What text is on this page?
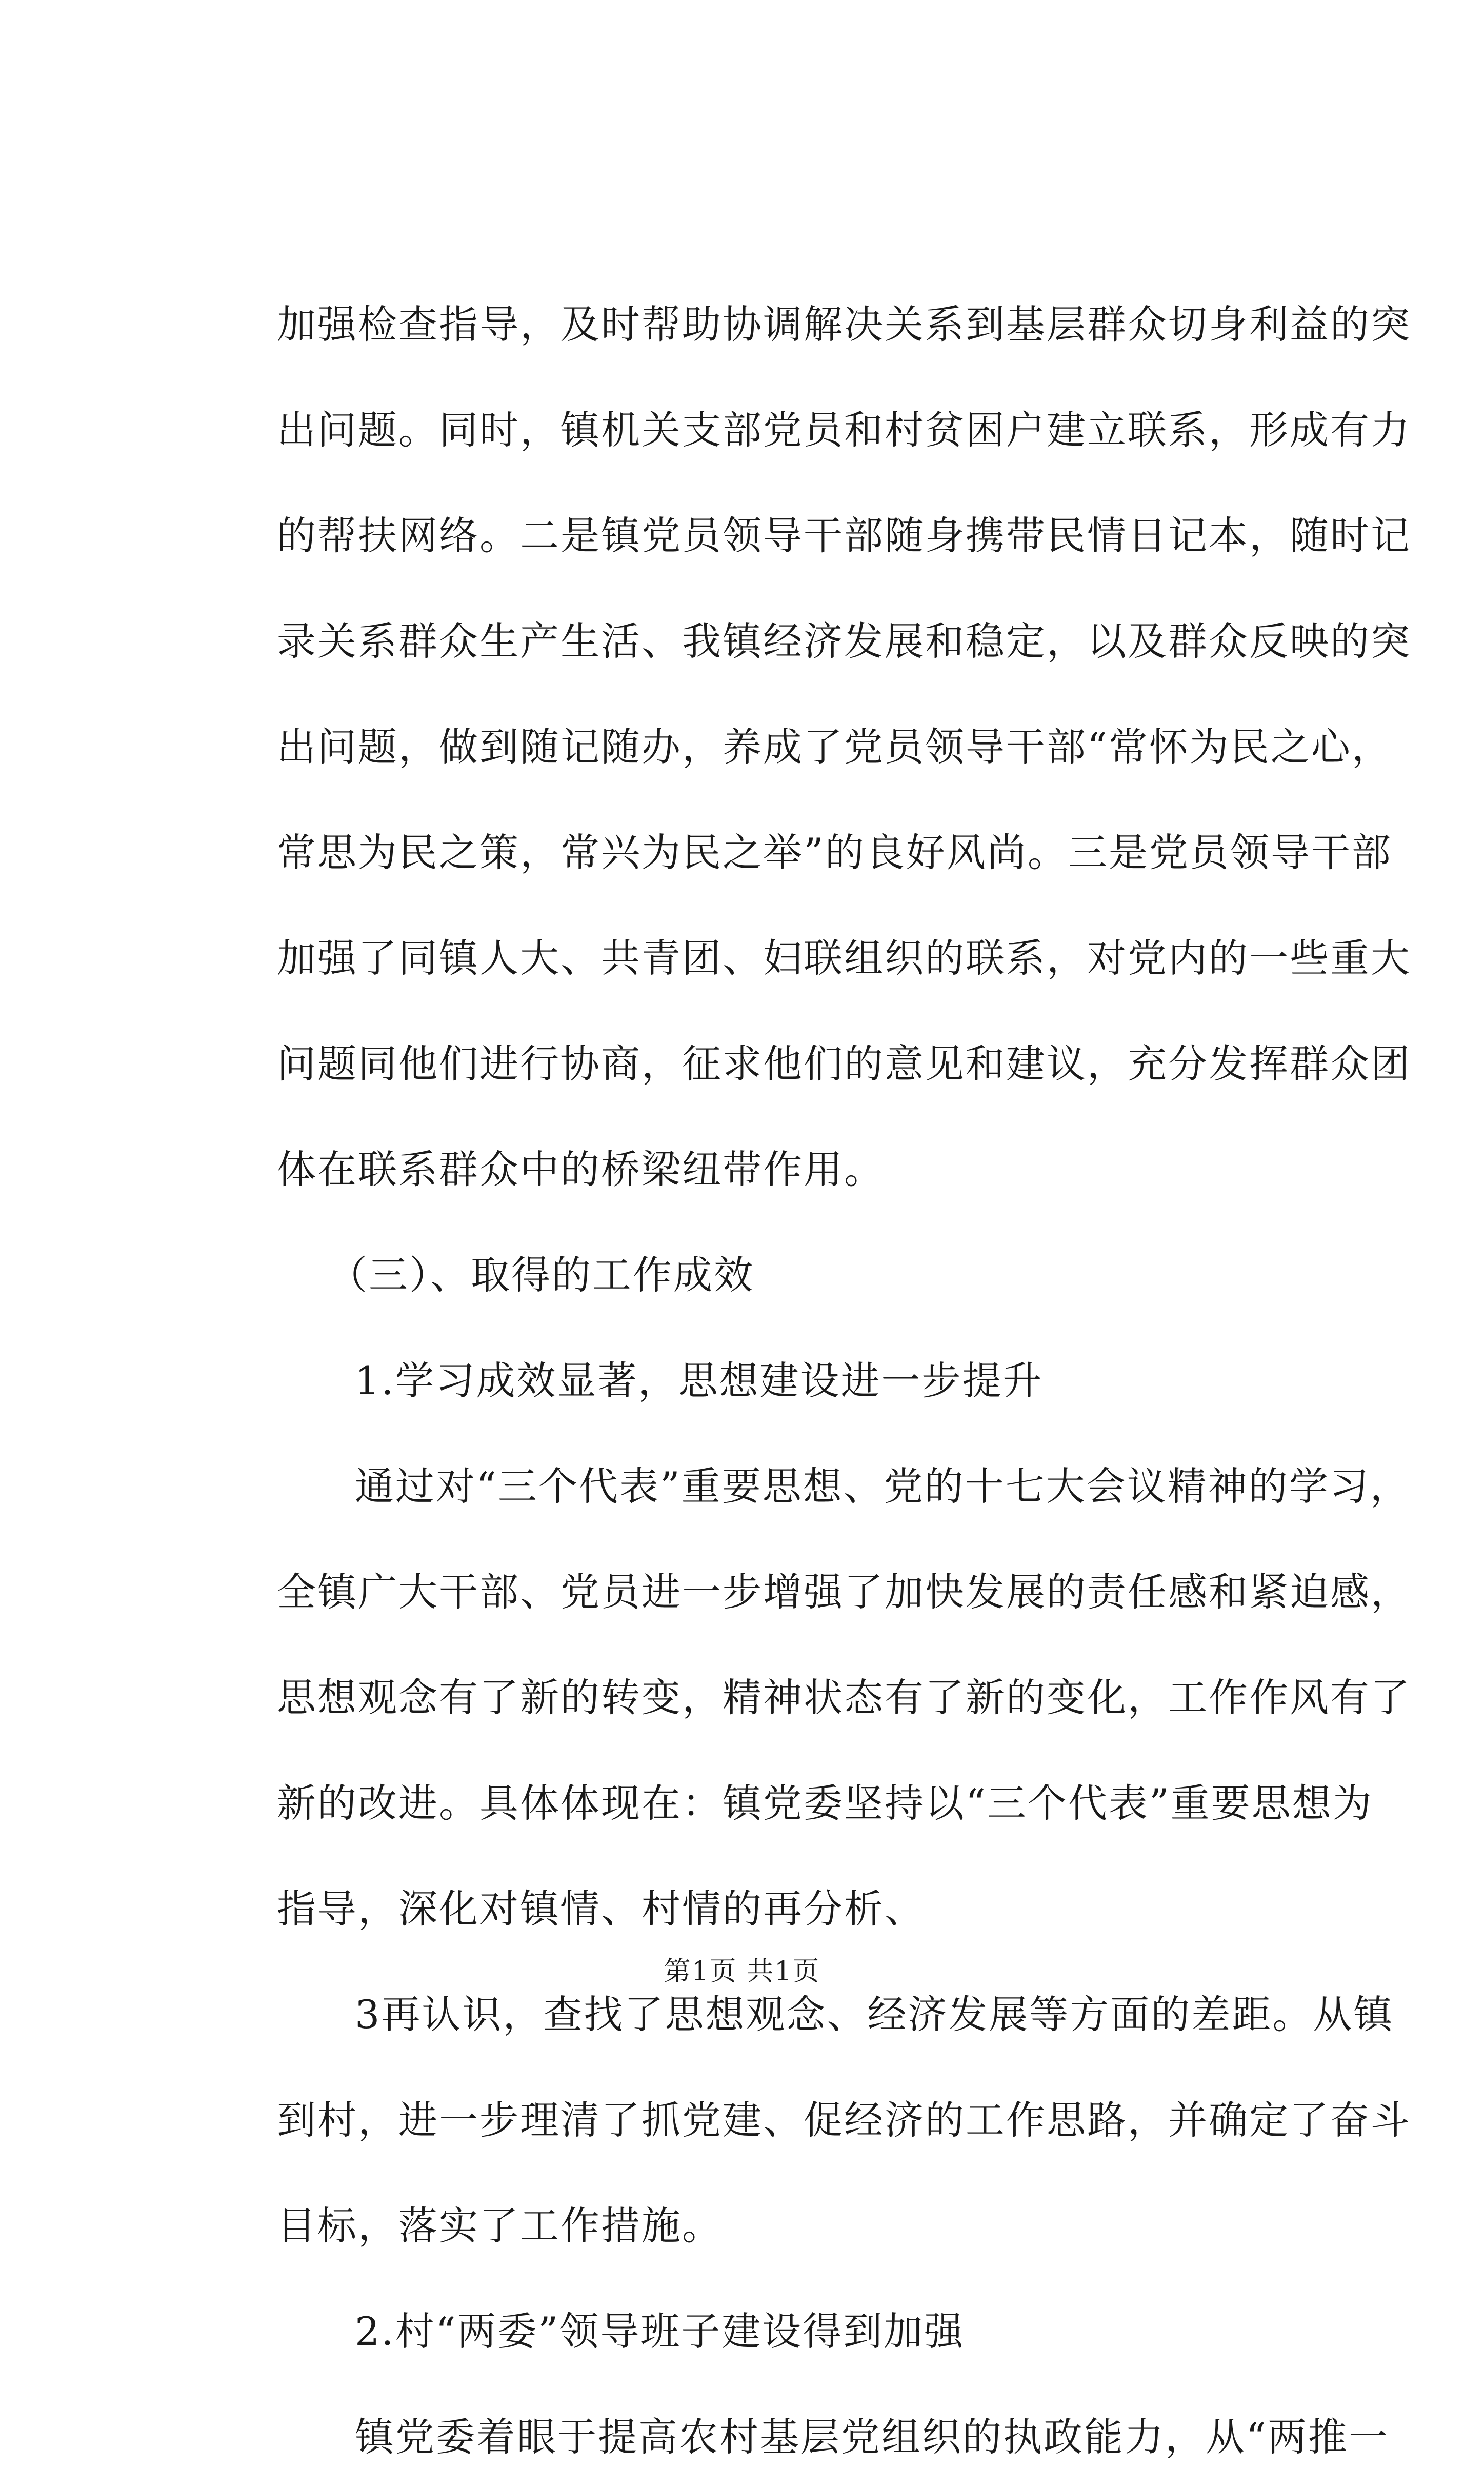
加强检查指导，及时帮助协调解决关系到基层群众切身利益的突
出问题。同时，镇机关支部党员和村贫困户建立联系，形成有力
的帮扶网络。二是镇党员领导干部随身携带民情日记本，随时记
录关系群众生产生活、我镇经济发展和稳定，以及群众反映的突
出问题，做到随记随办，养成了党员领导干部“常怀为民之心，
常思为民之策，常兴为民之举”的良好风尚。三是党员领导干部
加强了同镇人大、共青团、妇联组织的联系，对党内的一些重大
问题同他们进行协商，征求他们的意见和建议，充分发挥群众团
体在联系群众中的桥梁纽带作用。
（三）、取得的工作成效
1.学习成效显著，思想建设进一步提升
通过对“三个代表”重要思想、党的十七大会议精神的学习，
全镇广大干部、党员进一步增强了加快发展的责任感和紧迫感，
思想观念有了新的转变，精神状态有了新的变化，工作作风有了
新的改进。具体体现在：镇党委坚持以“三个代表”重要思想为
指导，深化对镇情、村情的再分析、
3再认识，查找了思想观念、经济发展等方面的差距。从镇
到村，进一步理清了抓党建、促经济的工作思路，并确定了奋斗
目标，落实了工作措施。
2.村“两委”领导班子建设得到加强
镇党委着眼于提高农村基层党组织的执政能力，从“两推一
第1页 共1页
